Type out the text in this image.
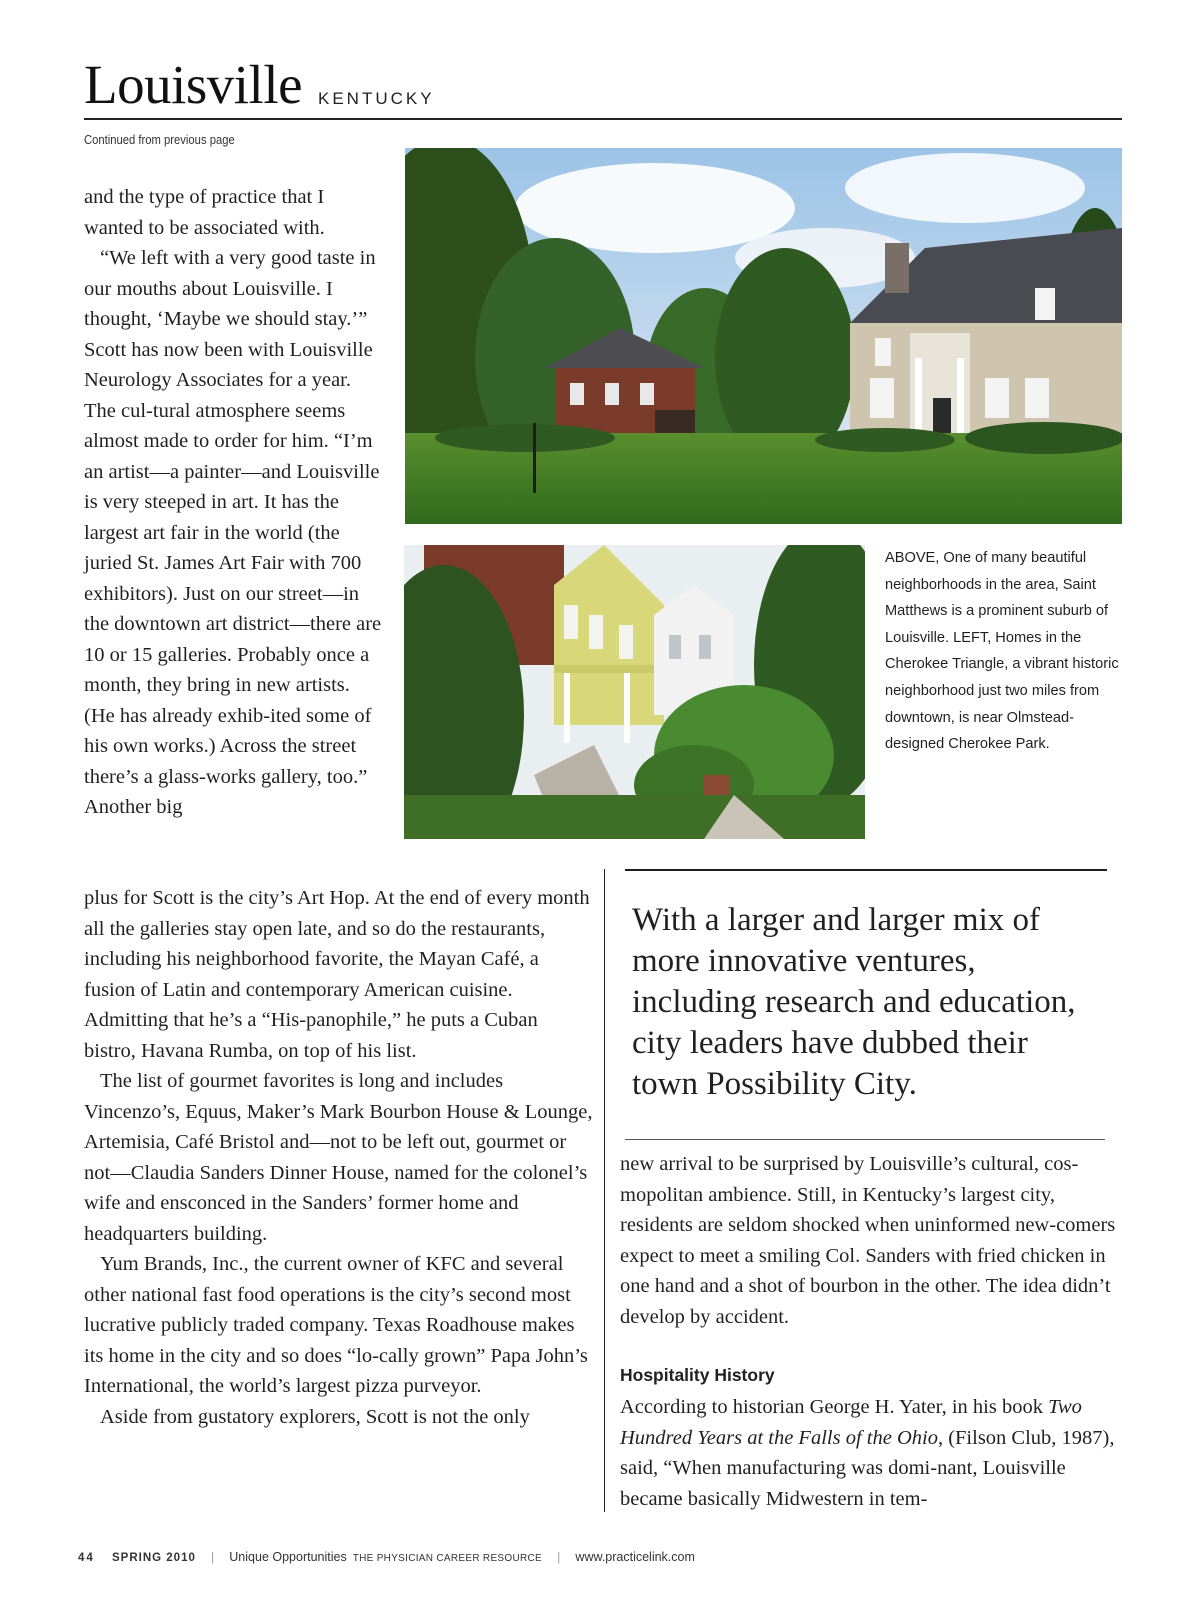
Louisville KENTUCKY
Continued from previous page

and the type of practice that I wanted to be associated with.

“We left with a very good taste in our mouths about Louisville. I thought, ‘Maybe we should stay.’” Scott has now been with Louisville Neurology Associates for a year. The cul-tural atmosphere seems almost made to order for him. “I’m an artist—a painter—and Louisville is very steeped in art. It has the largest art fair in the world (the juried St. James Art Fair with 700 exhibitors). Just on our street—in the downtown art district—there are 10 or 15 galleries. Probably once a month, they bring in new artists. (He has already exhib-ited some of his own works.) Across the street there’s a glass-works gallery, too.” Another big

plus for Scott is the city’s Art Hop. At the end of every month all the galleries stay open late, and so do the restaurants, including his neighborhood favorite, the Mayan Café, a fusion of Latin and contemporary American cuisine. Admitting that he’s a “His-panophile,” he puts a Cuban bistro, Havana Rumba, on top of his list.

The list of gourmet favorites is long and includes Vincenzo’s, Equus, Maker’s Mark Bourbon House & Lounge, Artemisia, Café Bristol and—not to be left out, gourmet or not—Claudia Sanders Dinner House, named for the colonel’s wife and ensconced in the Sanders’ former home and headquarters building.

Yum Brands, Inc., the current owner of KFC and several other national fast food operations is the city’s second most lucrative publicly traded company. Texas Roadhouse makes its home in the city and so does “lo-cally grown” Papa John’s International, the world’s largest pizza purveyor.

Aside from gustatory explorers, Scott is not the only

ABOVE, One of many beautiful neighborhoods in the area, Saint Matthews is a prominent suburb of Louisville. LEFT, Homes in the Cherokee Triangle, a vibrant historic neighborhood just two miles from downtown, is near Olmstead-designed Cherokee Park.
With a larger and larger mix of more innovative ventures, including research and education, city leaders have dubbed their town Possibility City.

new arrival to be surprised by Louisville’s cultural, cos-mopolitan ambience. Still, in Kentucky’s largest city, residents are seldom shocked when uninformed new-comers expect to meet a smiling Col. Sanders with fried chicken in one hand and a shot of bourbon in the other. The idea didn’t develop by accident.

Hospitality History

According to historian George H. Yater, in his book Two Hundred Years at the Falls of the Ohio, (Filson Club, 1987), said, “When manufacturing was domi-nant, Louisville became basically Midwestern in tem-

44 SPRING 2010 | Unique Opportunities THE PHYSICIAN CAREER RESOURCE | www.practicelink.com
